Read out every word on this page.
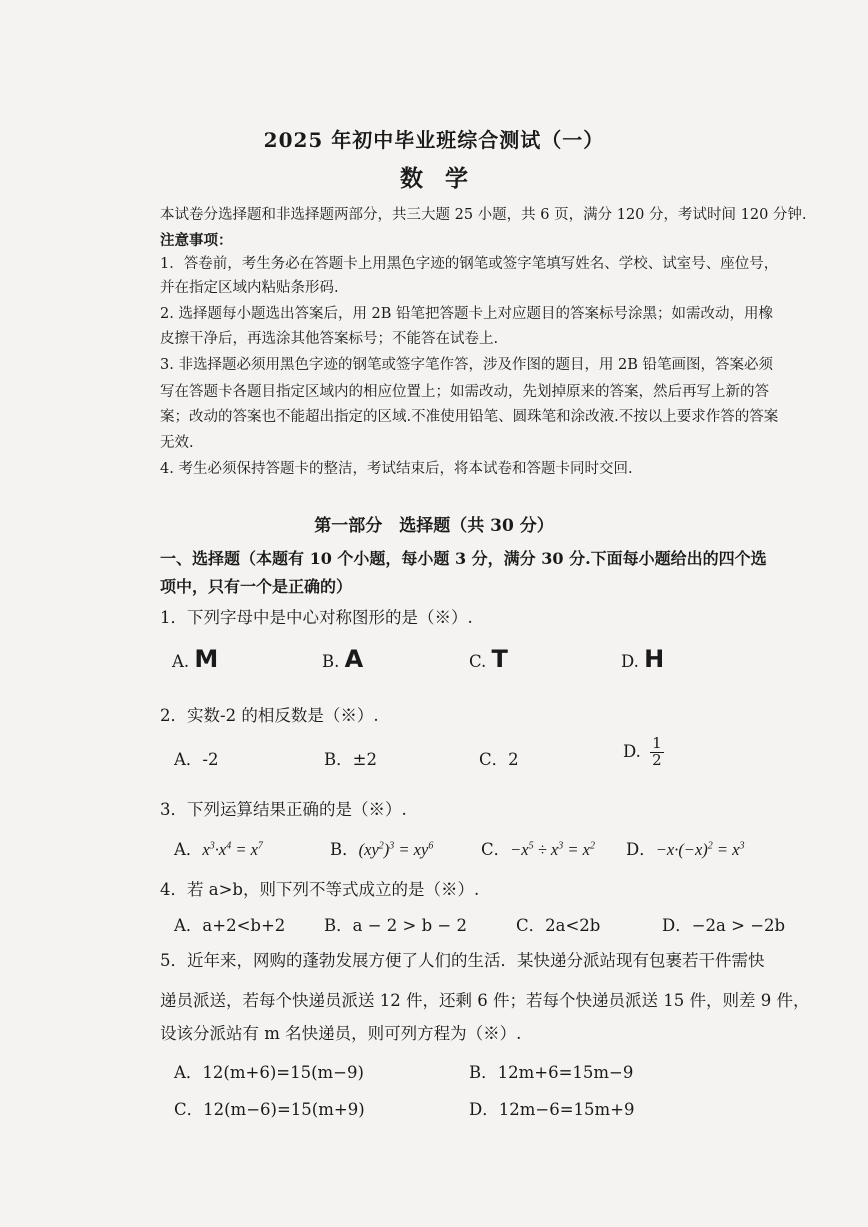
2025 年初中毕业班综合测试（一）
数学
本试卷分选择题和非选择题两部分，共三大题 25 小题，共 6 页，满分 120 分，考试时间 120 分钟.
注意事项：
1．答卷前，考生务必在答题卡上用黑色字迹的钢笔或签字笔填写姓名、学校、试室号、座位号，
并在指定区域内粘贴条形码.
2. 选择题每小题选出答案后，用 2B 铅笔把答题卡上对应题目的答案标号涂黑；如需改动，用橡
皮擦干净后，再选涂其他答案标号；不能答在试卷上.
3. 非选择题必须用黑色字迹的钢笔或签字笔作答，涉及作图的题目，用 2B 铅笔画图，答案必须
写在答题卡各题目指定区域内的相应位置上；如需改动，先划掉原来的答案，然后再写上新的答
案；改动的答案也不能超出指定的区域.不准使用铅笔、圆珠笔和涂改液.不按以上要求作答的答案
无效.
4. 考生必须保持答题卡的整洁，考试结束后，将本试卷和答题卡同时交回.
第一部分　选择题（共 30 分）
一、选择题（本题有 10 个小题，每小题 3 分，满分 30 分.下面每小题给出的四个选
项中，只有一个是正确的）
1．下列字母中是中心对称图形的是（※）.
A. M	B. A	C. T	D. H
2．实数-2 的相反数是（※）.
A．-2	B．±2	C．2	D. $\frac{1}{2}$
3．下列运算结果正确的是（※）.
A．$x^3\cdot x^4 = x^7$	B．$(xy^2)^3 = xy^6$	C．$-x^5 \div x^3 = x^2$ D．$-x\cdot(-x)^2 = x^3$
4．若 a>b，则下列不等式成立的是（※）.
A．a+2<b+2 B．a − 2 > b − 2	C．2a<2b	D．−2a > −2b
5．近年来，网购的蓬勃发展方便了人们的生活．某快递分派站现有包裹若干件需快
递员派送，若每个快递员派送 12 件，还剩 6 件；若每个快递员派送 15 件，则差 9 件，
设该分派站有 m 名快递员，则可列方程为（※）.
A．12(m+6)=15(m−9)	B．12m+6=15m−9
C．12(m−6)=15(m+9)	D．12m−6=15m+9
